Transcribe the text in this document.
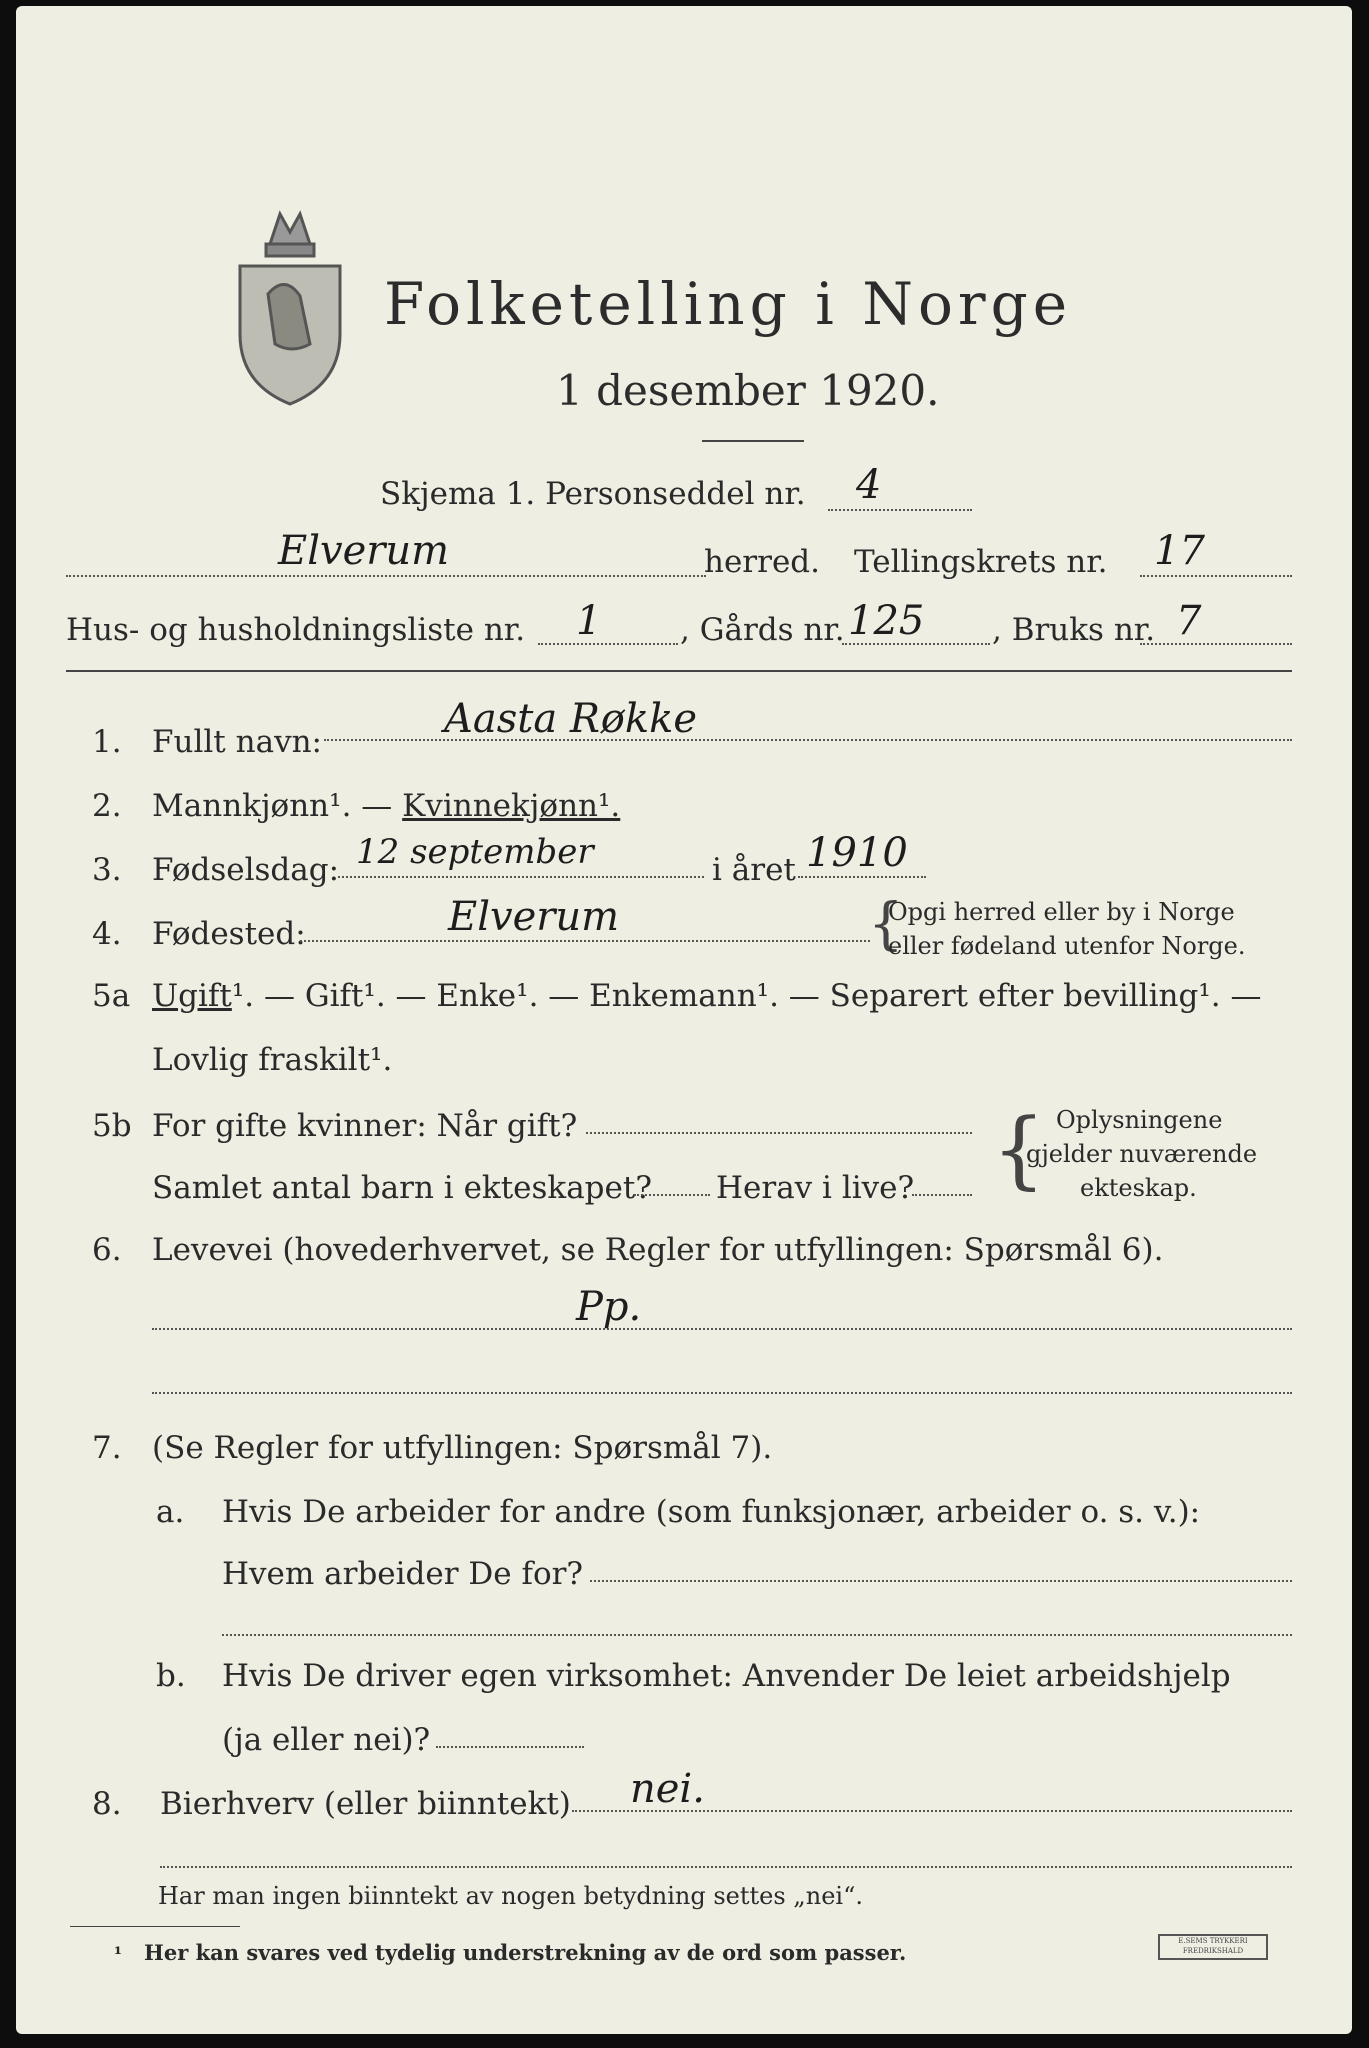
Folketelling i Norge
1 desember 1920.
Skjema 1. Personseddel nr. 4
Elverum	herred. Tellingskrets nr. 17
Hus- og husholdningsliste nr. 1	, Gårds nr. 125 , Bruks nr. 7
1. Fullt navn:	Aasta Røkke
2. Mannkjønn¹. — Kvinnekjønn¹.
3. Fødselsdag: 12 september	i året 1910
4. Fødested:	Elverum	{
Opgi herred eller by i Norge
eller fødeland utenfor Norge.
5a Ugift¹. — Gift¹. — Enke¹. — Enkemann¹. — Separert efter bevilling¹. —
Lovlig fraskilt¹.
5b For gifte kvinner: Når gift?
Samlet antal barn i ekteskapet? Herav i live? { Oplysningene
gjelder nuværende
ekteskap.
6. Levevei (hovederhvervet, se Regler for utfyllingen: Spørsmål 6).
Pp.
7. (Se Regler for utfyllingen: Spørsmål 7).
a. Hvis De arbeider for andre (som funksjonær, arbeider o. s. v.):
Hvem arbeider De for?
b. Hvis De driver egen virksomhet: Anvender De leiet arbeidshjelp
(ja eller nei)?
8. Bierhverv (eller biinntekt) nei.
Har man ingen biinntekt av nogen betydning settes „nei“.
¹ Her kan svares ved tydelig understrekning av de ord som passer.	E.SEMS TRYKKERI
FREDRIKSHALD
